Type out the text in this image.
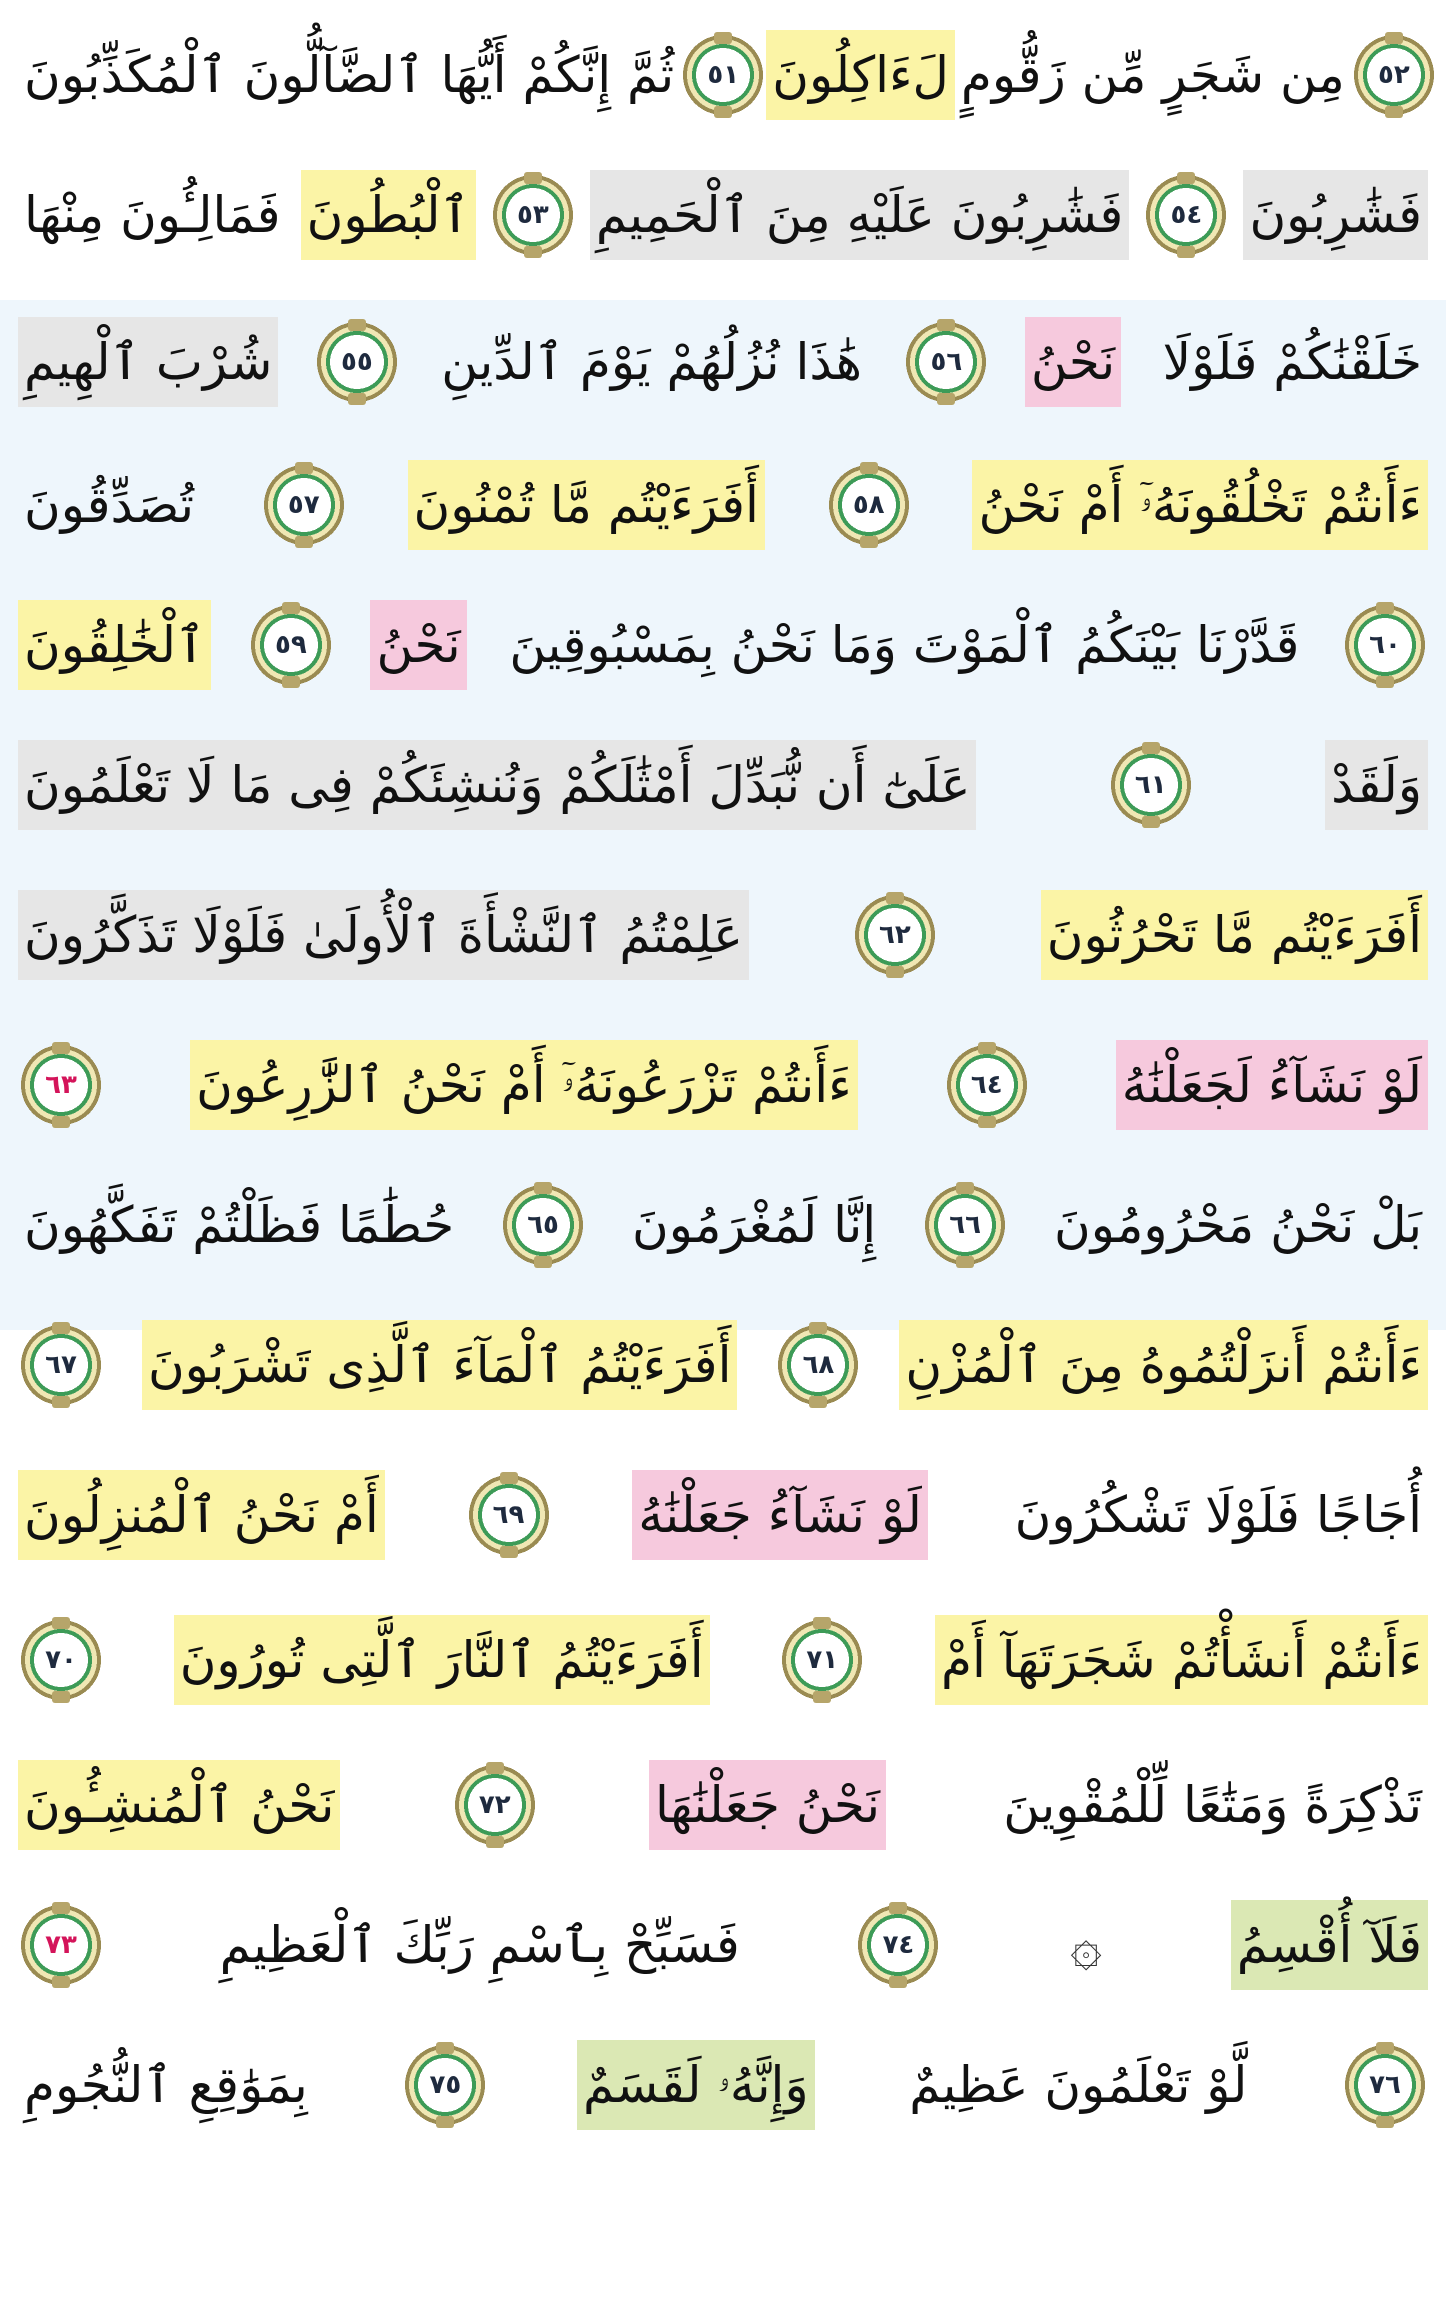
ثُمَّ إِنَّكُمْ أَيُّهَا ٱلضَّآلُّونَ ٱلْمُكَذِّبُونَ ٥١ لَءَاكِلُونَ مِن شَجَرٍ مِّن زَقُّومٍ ٥٢
فَمَالِـُٔونَ مِنْهَا ٱلْبُطُونَ ٥٣ فَشَٰرِبُونَ عَلَيْهِ مِنَ ٱلْحَمِيمِ ٥٤ فَشَٰرِبُونَ
شُرْبَ ٱلْهِيمِ	٥٥ هَٰذَا نُزُلُهُمْ يَوْمَ ٱلدِّينِ	٥٦ نَحْنُ خَلَقْنَٰكُمْ فَلَوْلَا
تُصَدِّقُونَ	٥٧ أَفَرَءَيْتُم مَّا تُمْنُونَ	٥٨ ءَأَنتُمْ تَخْلُقُونَهُۥٓ أَمْ نَحْنُ
ٱلْخَٰلِقُونَ	٥٩ نَحْنُ قَدَّرْنَا بَيْنَكُمُ ٱلْمَوْتَ وَمَا نَحْنُ بِمَسْبُوقِينَ	٦٠
عَلَىٰٓ أَن نُّبَدِّلَ أَمْثَٰلَكُمْ وَنُنشِئَكُمْ فِى مَا لَا تَعْلَمُونَ	٦١	وَلَقَدْ
عَلِمْتُمُ ٱلنَّشْأَةَ ٱلْأُولَىٰ فَلَوْلَا تَذَكَّرُونَ	٦٢	أَفَرَءَيْتُم مَّا تَحْرُثُونَ
٦٣ ءَأَنتُمْ تَزْرَعُونَهُۥٓ أَمْ نَحْنُ ٱلزَّٰرِعُونَ	٦٤ لَوْ نَشَآءُ لَجَعَلْنَٰهُ
حُطَٰمًا فَظَلْتُمْ تَفَكَّهُونَ	٦٥ إِنَّا لَمُغْرَمُونَ	٦٦ بَلْ نَحْنُ مَحْرُومُونَ
٦٧ أَفَرَءَيْتُمُ ٱلْمَآءَ ٱلَّذِى تَشْرَبُونَ	٦٨ ءَأَنتُمْ أَنزَلْتُمُوهُ مِنَ ٱلْمُزْنِ
أَمْ نَحْنُ ٱلْمُنزِلُونَ	٦٩ لَوْ نَشَآءُ جَعَلْنَٰهُ أُجَاجًا فَلَوْلَا تَشْكُرُونَ
٧٠ أَفَرَءَيْتُمُ ٱلنَّارَ ٱلَّتِى تُورُونَ	٧١ ءَأَنتُمْ أَنشَأْتُمْ شَجَرَتَهَآ أَمْ
نَحْنُ ٱلْمُنشِـُٔونَ	٧٢	نَحْنُ جَعَلْنَٰهَا تَذْكِرَةً وَمَتَٰعًا لِّلْمُقْوِينَ
٧٣	فَسَبِّحْ بِٱسْمِ رَبِّكَ ٱلْعَظِيمِ	٧٤	۞	فَلَآ أُقْسِمُ
بِمَوَٰقِعِ ٱلنُّجُومِ	٧٥ وَإِنَّهُۥ لَقَسَمٌ لَّوْ تَعْلَمُونَ عَظِيمٌ	٧٦
